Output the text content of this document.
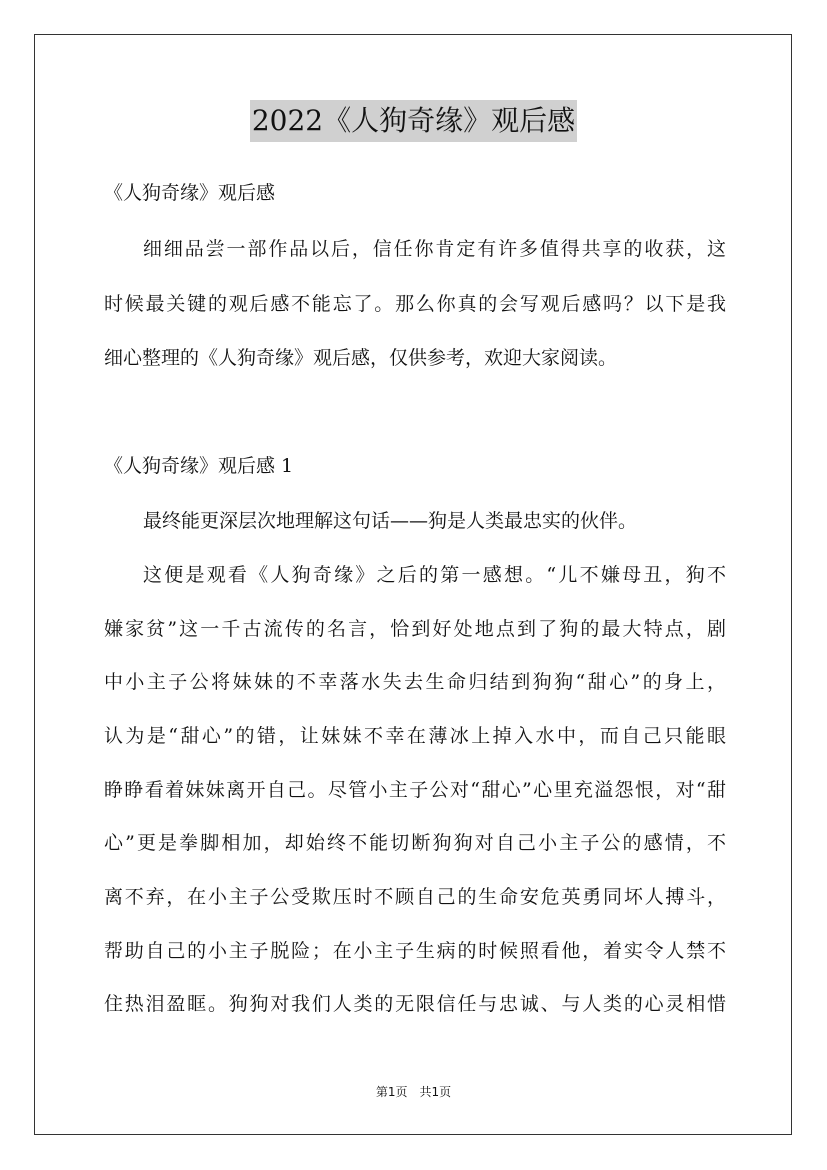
2022《人狗奇缘》观后感
《人狗奇缘》观后感
细细品尝一部作品以后，信任你肯定有许多值得共享的收获，这
时候最关键的观后感不能忘了。那么你真的会写观后感吗？以下是我
细心整理的《人狗奇缘》观后感，仅供参考，欢迎大家阅读。
《人狗奇缘》观后感 1
最终能更深层次地理解这句话——狗是人类最忠实的伙伴。
这便是观看《人狗奇缘》之后的第一感想。“儿不嫌母丑，狗不
嫌家贫”这一千古流传的名言，恰到好处地点到了狗的最大特点，剧
中小主子公将妹妹的不幸落水失去生命归结到狗狗“甜心”的身上，
认为是“甜心”的错，让妹妹不幸在薄冰上掉入水中，而自己只能眼
睁睁看着妹妹离开自己。尽管小主子公对“甜心”心里充溢怨恨，对“甜
心”更是拳脚相加，却始终不能切断狗狗对自己小主子公的感情，不
离不弃，在小主子公受欺压时不顾自己的生命安危英勇同坏人搏斗，
帮助自己的小主子脱险；在小主子生病的时候照看他，着实令人禁不
住热泪盈眶。狗狗对我们人类的无限信任与忠诚、与人类的心灵相惜
第1页　共1页
